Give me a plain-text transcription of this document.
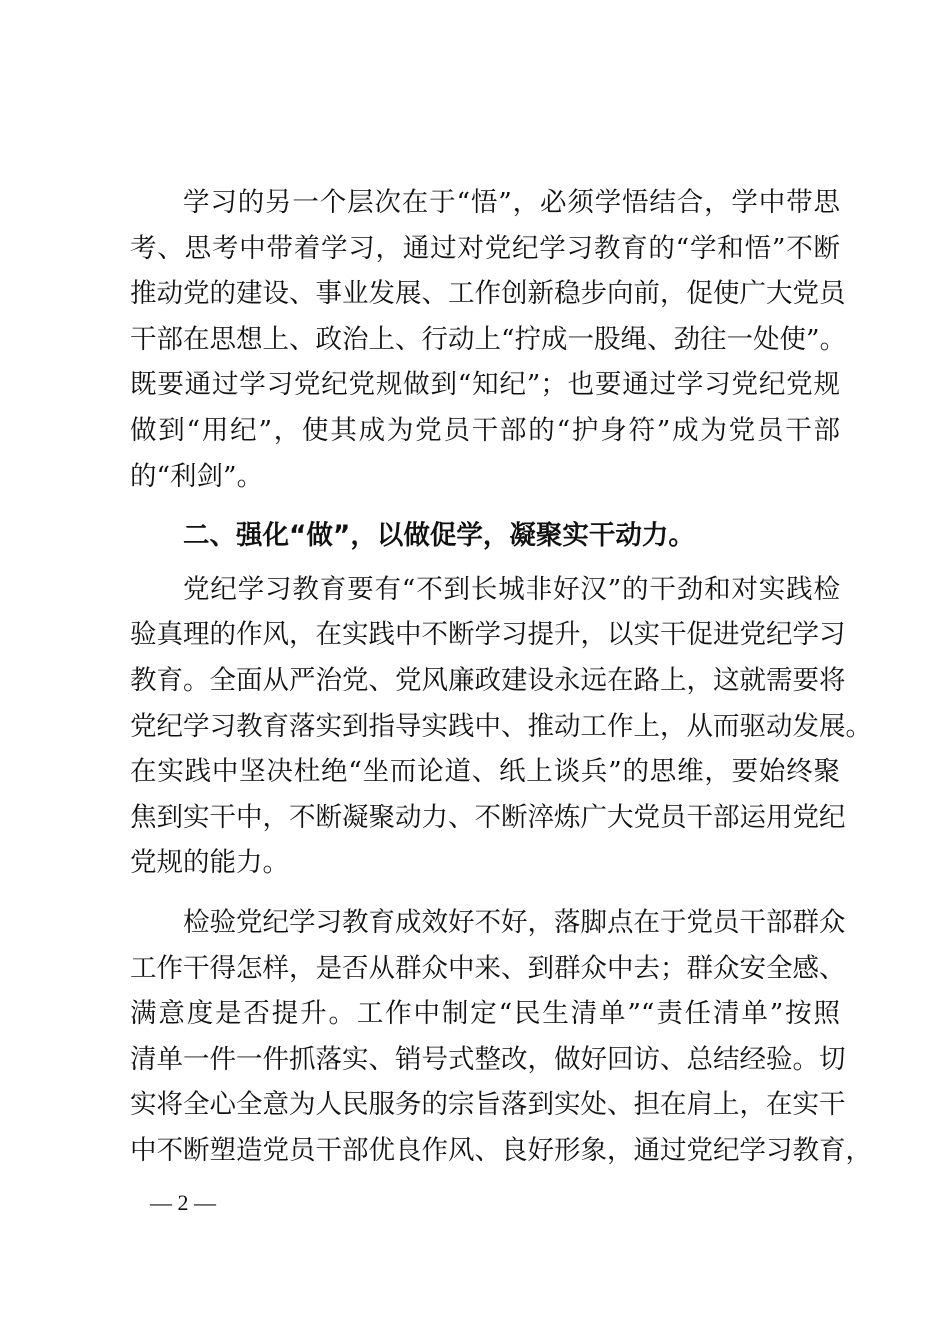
学习的另一个层次在于“悟”，必须学悟结合，学中带思
考、思考中带着学习，通过对党纪学习教育的“学和悟”不断
推动党的建设、事业发展、工作创新稳步向前，促使广大党员
干部在思想上、政治上、行动上“拧成一股绳、劲往一处使”。
既要通过学习党纪党规做到“知纪”；也要通过学习党纪党规
做到“用纪”，使其成为党员干部的“护身符”成为党员干部
的“利剑”。
二、强化“做”，以做促学，凝聚实干动力。
党纪学习教育要有“不到长城非好汉”的干劲和对实践检
验真理的作风，在实践中不断学习提升，以实干促进党纪学习
教育。全面从严治党、党风廉政建设永远在路上，这就需要将
党纪学习教育落实到指导实践中、推动工作上，从而驱动发展。
在实践中坚决杜绝“坐而论道、纸上谈兵”的思维，要始终聚
焦到实干中，不断凝聚动力、不断淬炼广大党员干部运用党纪
党规的能力。
检验党纪学习教育成效好不好，落脚点在于党员干部群众
工作干得怎样，是否从群众中来、到群众中去；群众安全感、
满意度是否提升。工作中制定“民生清单”“责任清单”按照
清单一件一件抓落实、销号式整改，做好回访、总结经验。切
实将全心全意为人民服务的宗旨落到实处、担在肩上，在实干
中不断塑造党员干部优良作风、良好形象，通过党纪学习教育，
— 2 —
